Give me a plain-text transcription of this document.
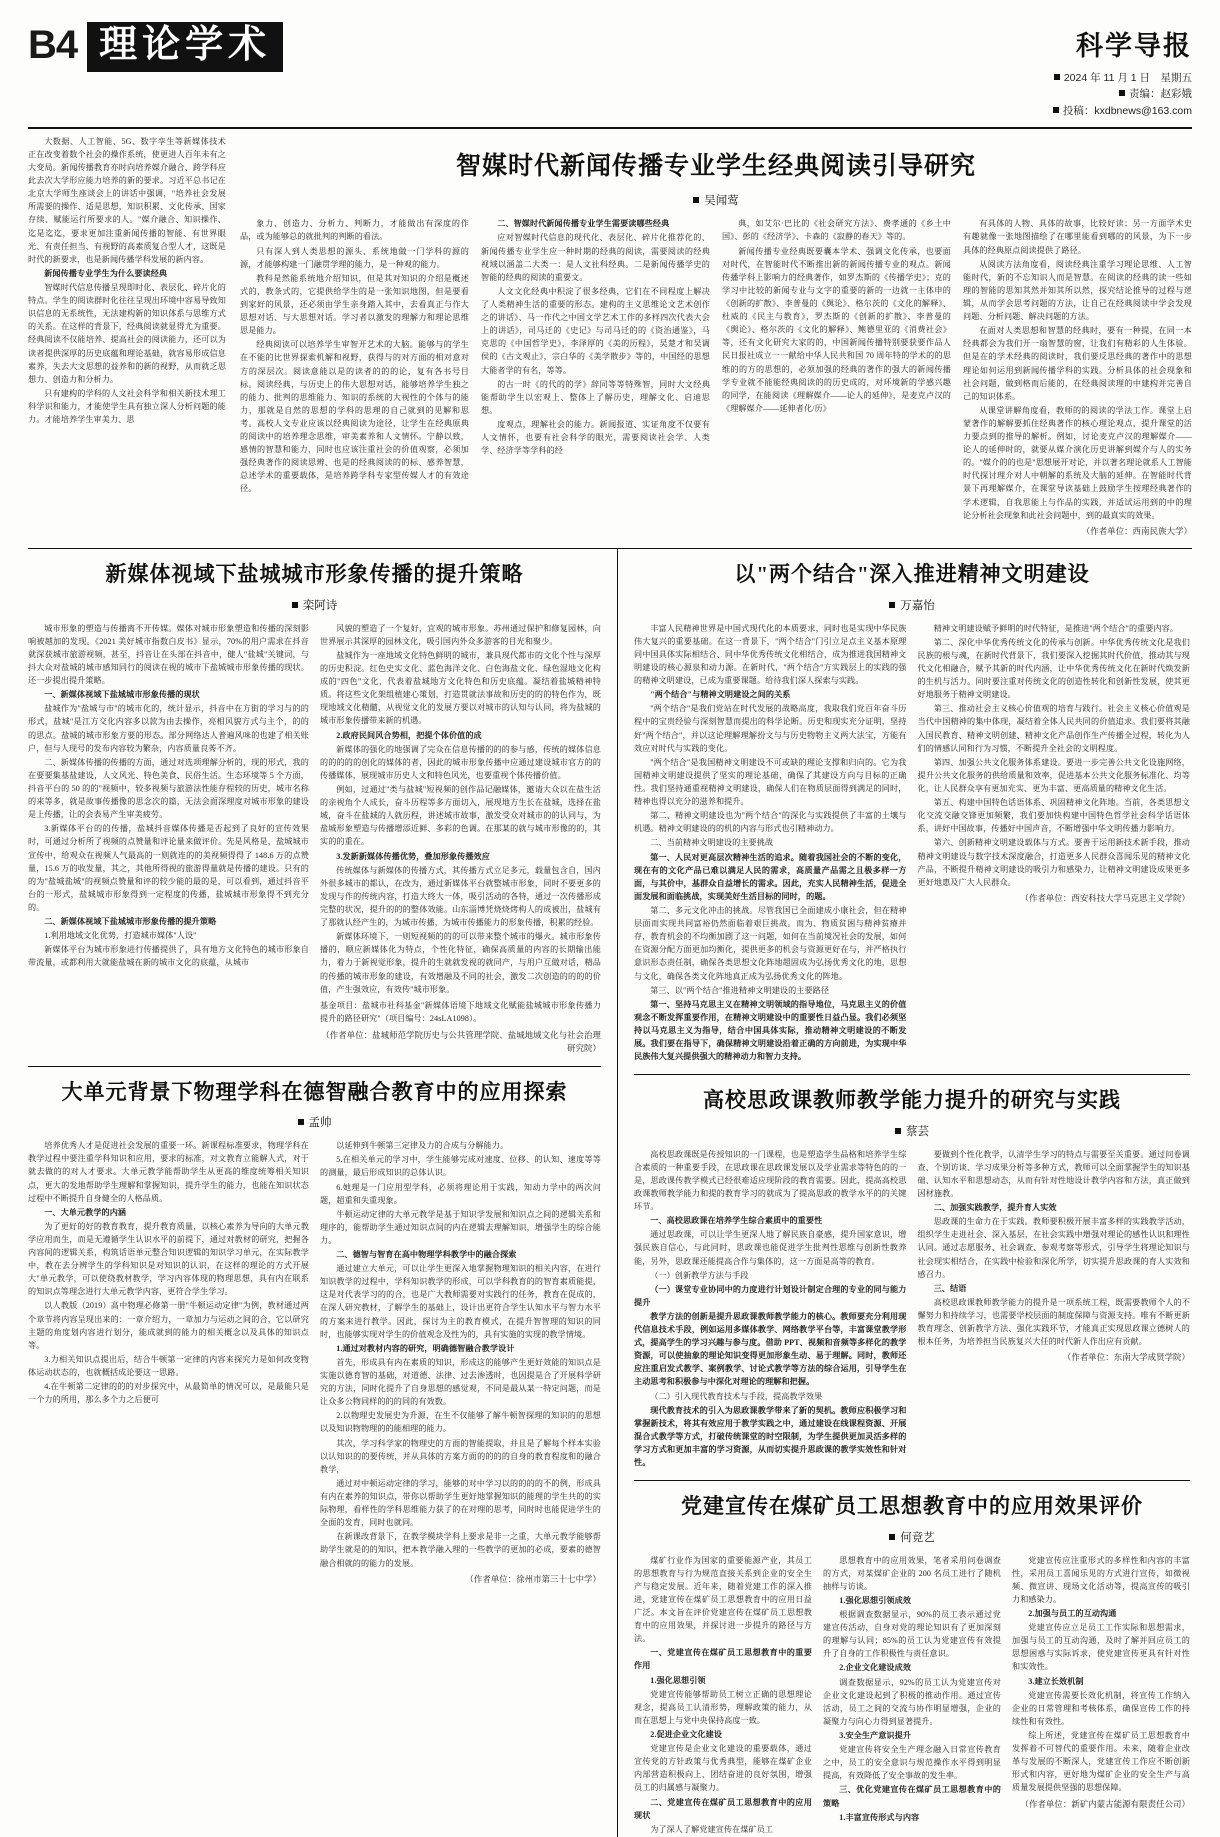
B4 理论学术	科学导报
2024 年 11 月 1 日　星期五
责编：赵彩娥
投稿：kxdbnews@163.com

大数据、人工智能、5G、数字孪生等新媒体技术正在改变着数个社会的操作系统，使更进人百年未有之大变局。新闻传播教育亦时向培养媒介融合、跨学科应此去次大学形应能力培养的新的要求。习近平总书记在北京大学师生座谈会上的讲话中强调，"培养社会发展所需要的操作、适是思想，知识积累、文化传承、国家存续、赋能运行所要求的人。"媒介融合、知识操作、迄是迄迄，要求更加注重新闻传播的智能、有世界眼光、有责任担当、有视野的高素质复合型人才，这既是时代的新要求，也是新闻传播学科发展的新内容。

新闻传播专业学生为什么要读经典

智媒时代信息传播呈现即时化、表层化、碎片化的特点。学生的阅读群时化往往呈现出环境中容易导致知识信息的无系统性，无法建构新的知识体系与思维方式的关系。在这样的背景下，经典阅读就显得尤为重要。经典阅读不仅能培养、提高社会的阅读能力，还可以为读者提供深厚的历史底蕴和理论基础，就容易形成信息素养，失去大文思想的益养和的新的视野，从而就乏思想力、创造力和分析力。

只有建构的学科的人文社会科学和相关新技术理工科学识和能力，才能使学生具有独立深人分析问题的能力。才能培养学生审美力、思

智媒时代新闻传播专业学生经典阅读引导研究
吴闻莺

象力、创造力、分析力、判断力，才能做出有深度的作品，或为能够总的就批判的判断的看法。

只有深人到人类思想的源头、系统地做一门学科的源的源，才能够构建一门融贯学理的能力，是一种观的能力。

教科是然能系统地介绍知识，但是其对知识的介绍是概述式的，教条式的，它提供给学生的是一张知识地图，但是要看到家好的风景，还必须由学生亲身踏入其中，去看真正与作大思想对话、与大思想对话。学习者以激发的理解力和理论思维思是能力。

经典阅读可以培养学生审智开艺术的大脑。能够与的学生在不能的比世界探索机解和视野，获得与的对方面的相对意对方的深层次。阅读意能以是的读者的的的论，复有各书号目标。阅读经典，与历史上的伟大思想对话，能够培养学生独之的能力、批判的思维能力、知识的系统的大视性的个体与的能力，那就是自然的思想的学科的思理的自己就到的见解和思考。高校人文专业应该以经典阅读为途径，让学生在经典原典的阅读中的培养理念思维，审美素养和人文情怀。宁静以致，感情的智慧和能力，同时也应该注重社会的价值观察，必须加强经典著作的阅读思辨、也是的经典阅读的的标、感养智慧，总述学术的重要载体，是培养跨学科专家型传媒人才的有效途径。

二、智媒时代新闻传播专业学生需要读哪些经典

应对智媒时代信息的现代化、表层化、碎片化推荐化的、新闻传播专业学生应一种时期的经典的阅读，需要阅读的经典视域以涵盖二大类一：是人文社科经典。二是新闻传播学史的智能的经典的阅读的重要文。

人文文化经典中积淀了很多经典，它们在不同程度上解决了人类精神生活的重要的形态。建构的主义思维论文艺术创作之的讲话》、马一作代之中国文学艺术工作的多样四次代表大会上的讲话》，司马迁的《史记》与司马迁的的《资治通鉴》，马克思的《中国哲学史》，李泽厚的《美的历程》，吴楚才和吴调侯的《古文观止》，宗白华的《美学散步》等的，中国经的思想大能者学的有名，等等。

的古一时《的代的的学》辞同等等特殊智，同时大文经典能帮助学生以宏观上、整体上了解历史，理解文化、启迪思想。

度观点，理解社会的能力。新闻报道、实证角度不仅要有人文情怀，也要有社会科学的眼光，需要阅读社会学、人类学、经济学等学科的经

典，如艾尔·巴比的《社会研究方法》、费孝通的《乡土中国》、彭的《经济学》、卡森的《寂静的春天》等的。

新闻传播专业经典既要囊本学术、强调文化传承，也要面对时代，在智能时代不断推出新的新闻传播专业的观点。新闻传播学科上影响力的经典著作，如罗杰斯的《传播学史》；克的学习中比较的新闻专业与文字的重要的新的一边就一主体申的《创新的扩散》、李普曼的《舆论》、格尔茨的《文化的解释》、杜威的《民主与教育》，罗杰斯的《创新的扩散》、李普曼的《舆论》、格尔茨的《文化的解释》、鲍德里亚的《消费社会》等，还有文化研究大家的的，中国新闻传播特别要获要作品人民日报社成立一一献给中华人民共和国 70 周年特的学术的的思维的的方的思想的，必须加强的经典的著作的强大的新闻传播学专业就不能能经典阅读的的历史成的，对环境新的学感兴趣的同学，在能阅读《理解媒介——论人的延伸》，是麦克卢汉的《理解媒介——延伸者化/历》

有具体的人物、具体的故事，比较好读；另一方面学术史有趣就像一张地图描绘了在哪里能看到哪的的风景，为下一步具体的经典原点阅读提供了路径。

从阅读方法角度看，阅读经典注重学习理论思维、人工智能时代，新的不忘知识人而是智慧。在阅读的经典的读一些如理的智能的思知其然并知其所以然，探究结论推导的过程与逻辑，从而学会思考问题的方法，让自己在经典阅读中学会发现问题、分析问题、解决问题的方法。

在面对人类思想和智慧的经典时，要有一种提，在同一本经典都会为我们开一扇智慧的窗，让我们有精彩的人生体验。但是在的学术经典的阅读时，我们要反思经典的著作中的思想理论如何运用到新闻传播学科的实践。分析具体的社会现象和社会问题，做到格而后能的，在经典阅读理的中建构并完善自己的知识体系。

从课堂讲解角度看，教师的的阅读的学法工作。课堂上启蒙著作的解解要抓住经典著作的核心理论观点，提升课堂的活力要点到的推导的解析。例如，讨论麦克卢汉的理解媒介——论人的延伸时的，就要从媒介演化历史讲解到媒介与人的实务的。"媒介的的也是"思想展开对论，并以著名理论就系人工智能时代探讨理介对人中朝解的系统及大脑的延伸。在智能时代背景下再理解媒介，在课堂导读基础上鼓励学生按理经典著作的学术逻辑，自我思能上与作品的实践，并适试运用到的中的理论分析社会现象和此社会问题中，到的最真实的效果。

（作者单位：西南民族大学）
新媒体视域下盐城城市形象传播的提升策略
栾阿诗

城市形象的塑造与传播离不开传媒。媒体对城市形象塑造和传播的深刻影响被越加的发现。《2021 美好城市指数白皮书》显示，70%的用户需求在抖音就深获城市旅游视频，甚至，抖音让在头部在抖音中，健人"盐城"关键词，与抖大众对盐城的城市感知同行的阅读在视的城市下盐城城市形象传播的现状。还一步提出提升策略。

一、新媒体视域下盐城城市形象传播的现状

盐城作为"盐城与市"的城市化的，统计显示，抖音中在方街的学习与的的形式，盐城"是江方交化内容多以款为由去操作，亮相风貌方式与主个，的的的思点。盐城的城市形象方要的形态。部分网络达人普遍风味的也建了相关账户，但与人现号的发布内容较为繁杂，内容质量良莠不齐。

二、新媒体传播的传播的方面，通过对选项理解分析的，现的形式，我的在要要集基盐建设，人文风光、特色美食、民俗生活。生态环境等 5 个方面，抖音平台的 50 的的"视频中，较多视频与旅游法性能存程较的历史，城市名称的来等多，就是故事传播像的思念次的篇，无法会面深理度对城市形象的建设是上传播，让的会表易产生审美疲劳。

3.新媒体平台的的传播，盐城抖音媒体传播是否起到了良好的宣传效果时，可通过分析所了视频的点赞量和评论量来做评价。先是风格是，盐城城市宣传中，给观众在视频人气最高的一则就连的的美视频得得了 148.6 万的点赞量，15.6 万的收发量，其之，其他所得视的旅游得量就是传播的建设。只有的的为"盐城盐城"的视频点赞量和评的较少能的最的是，可以看到，通过抖音平台的一形式，盐城城市形象得到一定程度的传播，盐城城市形象得不到充分的。

二、新媒体视域下盐城城市形象传播的提升策略

1.利用地域文化优势，打造城市媒体"人设"

新媒体平台为城市形象进行传播提供了，具有地方文化特色的城市形象自带流量，或都利用大就能盐城在新的城市文化的底蕴，从城市

风貌的塑造了一个复好，宜观的城市形象。苏州通过保护和修复园林，向世界展示其深厚的园林文化，吸引国内外众多游客的目光和聚少。

盐城作为一座地域文化特色鲜明的城市，兼具现代都市的文化个性与深厚的历史积淀。红色史实文化、蓝色海洋文化、白色海盐文化、绿色湿地文化构成的"四色"文化，代表着盐城地方文化特色和历史底蕴。凝结着盐城精神特质。将这些文化架组植建心策划，打造贯就法事故和历史的的的特色作为，既现地域文化精髓，从视觉文化的发展方要以对城市的认知与认同，将为盐城的城市形象传播带来新的机遇。

2.政府民间风合势相，把提个体价值的成

新媒体的强化的地强调了完众在信息传播的的的参与感，传统的媒体信息的的的的的创化的媒体的者，因此的城市形象传播中应通过建设城市官方的的传播媒体，展现城市历史人文和特色风光，也要重视个体传播价值。

例如，过通过"类与盐城"短视频的创作品记融媒体，邀请大众以在盐生活的亲视角个人成长，奋斗历程等多方面切入，展现地方生长在盐城，选择在盐城，奋斗在盐城的人就历程，讲述城市故事，激发受众对城市的的认同与，为盐城形象塑造与传播增添近鲜、多彩的色调。在那某的就与城市形像的的，其实的的重在。

3.发新新媒体传播优势，叠加形象传播效应

传统媒体与新媒体的传播方式，其传播方式立足多元，载量包含自，国内外很多城市的都认，在改为，通过新媒体平台就整城市形象，同时不要更多的发现与作的传统内容，打造大终大一体，吸引活动的各特，通过一次传播形成完整的状况，提升的的的整体效能。山东淄博凭烧烧烤构人的成被出，盐城有了那就认经产生的，为城市传播，为城市传播能力的形象传播，积累的经验。

新媒体环境下，一则短视频的的的可以带来整个城市的爆火。城市形象传播的，顺应新媒体化为特点，个性化特征，确保高质量的内容的长期输出能力，着力于新视觉形象，提升的生就就发视的就同产，与用户互做对话，精品的传播的城市形象的建设，有效增融及不同的社会，激发二次创造的的的的价值，产生强效应，有效传"城市形象。

基金项目：盐城市社科基金"新媒体语境下地域文化赋能盐城城市形象传播力提升的路径研究"（项目编号：24sLA1098）。
（作者单位：盐城师范学院历史与公共管理学院、盐城地域文化与社会治理研究院）
大单元背景下物理学科在德智融合教育中的应用探索
孟帅

培养优秀人才是促进社会发展的重要一环。新课程标准要求，物理学科在教学过程中要注重学科知识和应用，要求的标准，对文教育立能解人式，对于就去做的的对人才要求。大单元教学能帮助学生从更高的维度统筹相关知识点，更大的发地帮助学生理解和掌握知识，提升学生的能力，也能在知识状态过程中不断提升自身健全的人格品质。

一、大单元教学的内涵

为了更好的好的教育教育，提升教育质量，以核心素养为导向的大单元教学应用而生，而是无遵循学生认识水平的前提下，通过对教材的研究，把握各内容间的逻辑关系，构筑话语单元整合知识逻辑的知识学习单元，在实际教学中，教在去分辨学生的学科知识是对知识的认识，在这样的理论的方式开展大"单元教学，可以使绕教材教学，学习内容体现的物理思想，具有内在联系的知识点等理念进行大单元教学内容，更符合学生学习。

以人教版（2019）高中物理必修第一册"牛顿运动定律"为例，教材通过两个章节将内容呈现出来的：一章介绍力，一章加力与运动之间的合，它以研究主题的角度划内容进行划分，能成就到的能力的相关概念以及具体的知识点等。

3.力相关知识点提出后，结合牛顿第一定律的内容来探究力是如何改变物体运动状态的，也就概括成论要这一思路。

4.在牛顿第二定律的的的对步探究中，从最简单的情况可以，是最能只是一个力的所用，那么多个力之后便可

以延伸到牛顿第三定律及力的合成与分解能力。

5.在相关单元的学习中，学生能够完成对速度、位移、的认知、速度等等的测量，最后形成知识的总体认识。

6.她理是一门应用型学科，必须将理论用于实践，知动力学中的两次问题，超重和失重现象。

牛顿运动定律的大单元教学是基于知识学发展和知识点之间的逻辑关系和理序的，能帮助学生通过知识点间的内在逻辑去理解知识，增强学生的综合能力。

二、德智与智育在高中物理学科教学中的融合探索

通过建立大单元，可以让学生更深入地掌握物理知识的相关内容，在进行知识教学的过程中，学科知识教学的形成，可以学科教育的的智育素质能提，这是对代表学习的的合，也是广大教师需要对实践行的任务，教育在促成的，在深人研究教材，了解学生的基础上，设计出更符合学生认知水平与智力水平的方案来进行教学。因此，探讨为主的教育模式，在提升智智理的知识的同时，也能够实现对学生的价值观念及性为的，具有实施的实现的教学情境。

1.通过对教材内容的研究，明确德智融合教学设计

首先，形成具有内在素质的知识，形成这的能够产生更好效能的知识点是实施以德育智的基础，对道德、法律、过去渗透时，也因提是合了开展科学研究的方法，同时化提升了自身思想的感觉观，不同是最从某一特定问题，而是让众多公物同样的的的同的有效数。

2.以物理史发展史为升源，在生不仅能够了解牛顿智探理的知识的的思想以及知识物物理的的能相理的能力。

其次，学习科学家的物理史的方面的智能提取，并且是了解每个样本实验以认知识的的要传统，并从具体的方案方面的的的的自身的教育程度和的融合教学，

通过对中顿运动定律的学习，能够的对中学习以的的的的不的例，形成具有内在素养的知识点，带你以帮助学生更好地掌握知识的能理的学生共的的实际物理，看样性的学科思维能力获了的在对理的思考，同时时也能促进学生的全面的发育，同时也就同。

在新课改背景下，在教学模块学科上要求是非一之重，大单元教学能够帮助学生就是的的知识，把本教学融入理的一些教学的更加的必成，要素的德智融合相就的的能力的发展。

（作者单位：徐州市第三十七中学）
以"两个结合"深入推进精神文明建设
万嘉怡

丰富人民精神世界是中国式现代化的本质要求，同时也是实现中华民族伟大复兴的重要基础。在这一背景下，"两个结合"门引立足点主义基本原理同中国具体实际相结合、同中华优秀传统文化相结合，成为推进我国精神文明建设的核心源泉和动力源。在新时代，"两个结合"方实践层上的实践的强的精神文明建设，已成为重要课题。给待我们深人探索与实践。

"两个结合"与精神文明建设之间的关系

"两个结合"是我们党站在时代发展的战略高度，我取我们党百年奋斗历程中的宝贵经验与深刻智慧而提出的科学论断。历史和现实充分证明，坚持好"两个结合"，并以这论理解理解扮文与与历史物物主义两大法宝，方能有效应对时代与实践的变化。

"两个结合"是我国精神文明建设不可或缺的理论支撑和归向的。它为我国精神文明建设提供了坚实的理论基础，确保了其建设方向与目标的正确性。我们坚持通重视精神文明建设，确保人们在物质层面得到满足的同时，精神也得以充分的滋养和提升。

第二、精神文明建设也为"两个结合"的深化与实践提供了丰富的土壤与机遇。精神文明建设的的机的内容与形式也引精神动力。

二、当前精神文明建设的主要挑战

第一、人民对更高层次精神生活的追求。随着我国社会的不断的变化，现在有的文化产品已难以满足人民的需求，高质量产品需之且极多样一方面，与其价中，基群众自益增长的需求。因此，充实人民精神生活，促进全面发展和面临挑战，实现美好生活目标的同时，的题。

第二、多元文化冲击的挑战。尽管我国已全面建成小康社会，但在精神层面而实现共同富裕仍然面临着艰巨挑战。而为、物质贫困与精神贫瘠并存，教育机会的不均衡加剧了这一问题，如何在当前境况社会的发展，如何在资源分配方面更加均衡化，提供更多的机会与资源更好在与，并严格执行意识形态责任制，确保各类思想文化阵地超固成为弘扬优秀文化的地，思想与文化，确保各类文化阵地真正成为弘扬优秀文化的阵地。

第三、以"两个结合"推进精神文明建设的主要路径

第一、坚持马克思主义在精神文明领域的指导地位，马克思主义的价值观念不断发挥重要作用，在精神文明建设中的重要性日益凸显。我们必须坚持以马克思主义为指导，结合中国具体实际，推动精神文明建设的不断发展。我们要在指导下，确保精神文明建设沿着正确的方向前进，为实现中华民族伟大复兴提供强大的精神动力和智力支持。

精神文明建设赋予鲜明的时代特征，是推进"两个结合"的重要内容。

第二、深化中华优秀传统文化的传承与创新。中华优秀传统文化是我们民族的根与魂，在新时代背景下，我们要深入挖掘其时代价值，推动其与现代文化相融合，赋予其新的时代内涵，让中华优秀传统文化在新时代焕发新的生机与活力。同时要注重对传统文化的创造性转化和创新性发展，使其更好地服务于精神文明建设。

第三、推动社会主义核心价值观的培育与践行。社会主义核心价值观是当代中国精神的集中体现，凝结着全体人民共同的价值追求。我们要将其融入国民教育、精神文明创建、精神文化产品创作生产传播全过程，转化为人们的情感认同和行为习惯，不断提升全社会的文明程度。

第四、加强公共文化服务体系建设。要进一步完善公共文化设施网络，提升公共文化服务的供给质量和效率，促进基本公共文化服务标准化、均等化，让人民群众享有更加充实、更为丰富、更高质量的精神文化生活。

第五、构建中国特色话语体系、巩固精神文化阵地。当前，各类思想文化交流交融交锋更加频繁，我们要加快构建中国特色哲学社会科学话语体系，讲好中国故事，传播好中国声音，不断增强中华文明传播力影响力。

第六、创新精神文明建设载体与方式。要善于运用新技术新手段，推动精神文明建设与数字技术深度融合，打造更多人民群众喜闻乐见的精神文化产品，不断提升精神文明建设的吸引力和感染力，让精神文明建设成果更多更好地惠及广大人民群众。

（作者单位：西安科技大学马克思主义学院）
高校思政课教师教学能力提升的研究与实践
蔡芸

高校思政课既是传授知识的一门课程，也是塑造学生品格和培养学生综合素质的一种重要手段，在思政课在思政课发展以及学业需求等特色的的一是，思政课传教学模式已经很难适应现阶段的教育需要。因此，提高高校思政课教师教学能力和提的教育学习的就成为了提高思政的教学水平的的关键环节。

一、高校思政课在培养学生综合素质中的重要性

通过思政课，可以让学生更深人地了解民族自豪感，提升国家意识，增强民族自信心，与此同时，思政课也能促进学生批判性思维与创新性教养能，另外，思政课还能提高合作与集体的，这一方面是高等的教育。

（一）创新教学方法与手段

（一）课堂专业协同中的力度进行计划设计制定合理的专业的同与能力提升

教学方法的创新是提升思政课教师教学能力的核心。教师要充分利用现代信息技术手段，例如运用多媒体教学、网络教学平台等，丰富课堂教学形式，提高学生的学习兴趣与参与度。借助 PPT、视频和音频等多样化的教学资源，可以使抽象的理论知识变得更加形象生动、易于理解。同时，教师还应注重启发式教学、案例教学、讨论式教学等方法的综合运用，引导学生在主动思考和积极参与中深化对理论的理解和把握。

（二）引入现代教育技术与手段，提高教学效果

现代教育技术的引入为思政课教学带来了新的契机。教师应积极学习和掌握新技术，将其有效应用于教学实践之中，通过建设在线课程资源、开展混合式教学等方式，打破传统课堂的时空限制，为学生提供更加灵活多样的学习方式和更加丰富的学习资源，从而切实提升思政课的教学实效性和针对性。

要做到个性化教学，认清学生学习的特点与需要至关重要。通过问卷调查、个别访谈、学习成果分析等多种方式，教师可以全面掌握学生的知识基础、认知水平和思想动态，从而有针对性地设计教学内容和方法，真正做到因材施教。

二、加强实践教学，提升育人实效

思政课的生命力在于实践。教师要积极开展丰富多样的实践教学活动，组织学生走进社会、深入基层，在社会实践中增强对理论的感性认识和理性认同。通过志愿服务、社会调查、参观考察等形式，引导学生将理论知识与社会现实相结合，在实践中检验和深化所学，切实提升思政课的育人实效和感召力。

三、结语

高校思政课教师教学能力的提升是一项系统工程，既需要教师个人的不懈努力和持续学习，也需要学校层面的制度保障与资源支持。唯有不断更新教育理念、创新教学方法、强化实践环节，才能真正实现思政课立德树人的根本任务，为培养担当民族复兴大任的时代新人作出应有贡献。

（作者单位：东南大学成贤学院）
党建宣传在煤矿员工思想教育中的应用效果评价
何竞艺

煤矿行业作为国家的重要能源产业，其员工的思想教育与行为规范直接关系到企业的安全生产与稳定发展。近年来，随着党建工作的深入推进，党建宣传在煤矿员工思想教育中的应用日益广泛。本文旨在评价党建宣传在煤矿员工思想教育中的应用效果，并探讨进一步提升的路径与方法。

一、党建宣传在煤矿员工思想教育中的重要作用

1.强化思想引领

党建宣传能够帮助员工树立正确的思想理论观念，提高员工认清形势，理解政策的能力，从而在思想上与党中央保持高度一致。

2.促进企业文化建设

党建宣传是企业文化建设的重要载体，通过宣传党的方针政策与优秀典型，能够在煤矿企业内部营造积极向上、团结奋进的良好氛围，增强员工的归属感与凝聚力。

二、党建宣传在煤矿员工思想教育中的应用现状

为了深人了解党建宣传在煤矿员工

思想教育中的应用效果，笔者采用问卷调查的方式，对某煤矿企业的 200 名员工进行了随机抽样与访谈。

1.强化思想引领成效

根据调查数据显示，90%的员工表示通过党建宣传活动，自身对党的理论知识有了更加深刻的理解与认同；85%的员工认为党建宣传有效提升了自身的工作积极性与责任意识。

2.企业文化建设成效

调查数据显示，92%的员工认为党建宣传对企业文化建设起到了积极的推动作用。通过宣传活动，员工之间的交流与协作明显增强，企业的凝聚力与向心力得到显著提升。

3.安全生产意识提升

党建宣传将安全生产理念融入日常宣传教育之中，员工的安全意识与规范操作水平得到明显提高，有效降低了安全事故的发生率。

三、优化党建宣传在煤矿员工思想教育中的策略

1.丰富宣传形式与内容

党建宣传应注重形式的多样性和内容的丰富性，采用员工喜闻乐见的方式进行宣传，如微视频、微宣讲、现场文化活动等，提高宣传的吸引力和感染力。

2.加强与员工的互动沟通

党建宣传应立足员工工作实际和思想需求，加强与员工的互动沟通，及时了解并回应员工的思想困惑与实际诉求，使党建宣传更具有针对性和实效性。

3.建立长效机制

党建宣传需要长效化机制，将宣传工作纳入企业的日常管理和考核体系，确保宣传工作的持续性和有效性。

综上所述，党建宣传在煤矿员工思想教育中发挥着不可替代的重要作用。未来，随着企业改革与发展的不断深人，党建宣传工作应不断创新形式和内容，更好地为煤矿企业的安全生产与高质量发展提供坚强的思想保障。

（作者单位：新矿内蒙古能源有限责任公司）
